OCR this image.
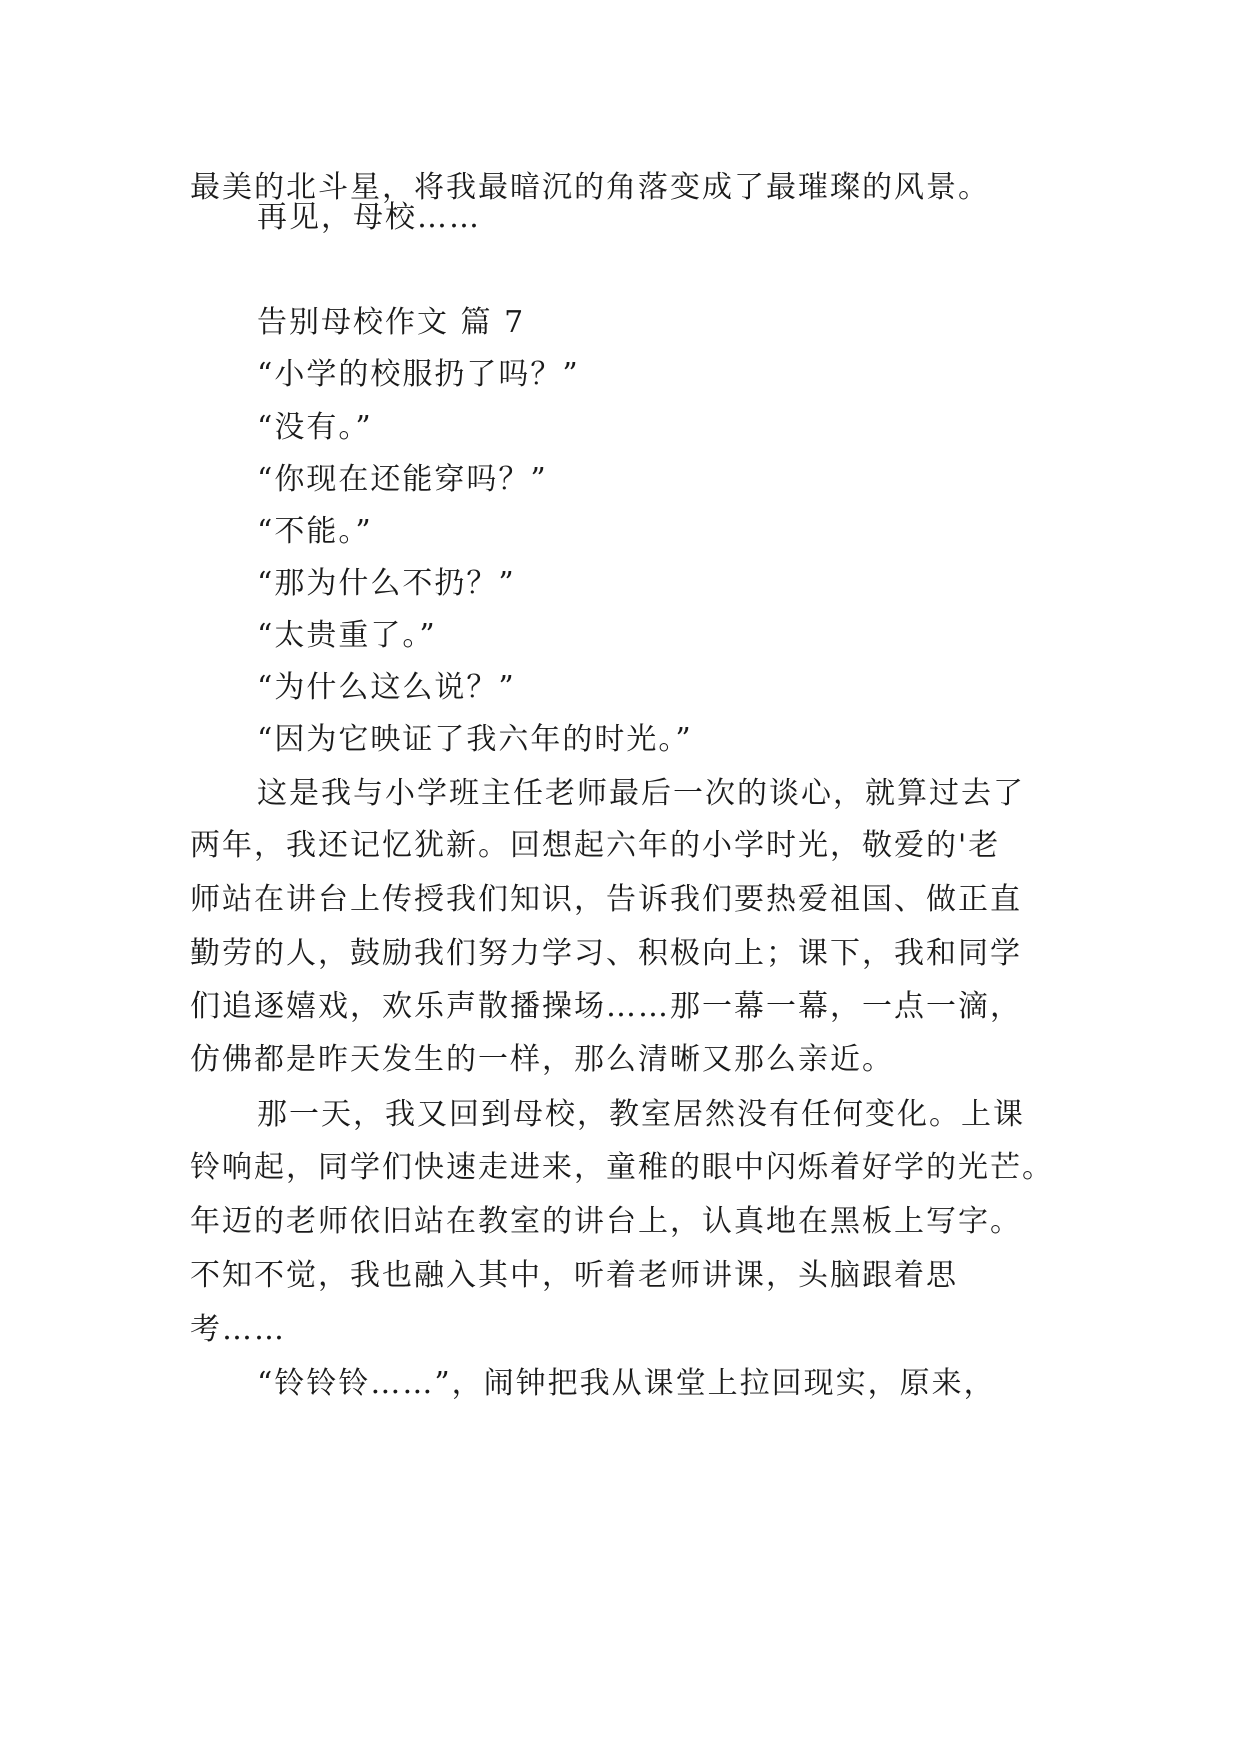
最美的北斗星，将我最暗沉的角落变成了最璀璨的风景。
再见，母校……
告别母校作文 篇 7
“小学的校服扔了吗？”
“没有。”
“你现在还能穿吗？”
“不能。”
“那为什么不扔？”
“太贵重了。”
“为什么这么说？”
“因为它映证了我六年的时光。”
这是我与小学班主任老师最后一次的谈心，就算过去了
两年，我还记忆犹新。回想起六年的小学时光，敬爱的'老
师站在讲台上传授我们知识，告诉我们要热爱祖国、做正直
勤劳的人，鼓励我们努力学习、积极向上；课下，我和同学
们追逐嬉戏，欢乐声散播操场……那一幕一幕，一点一滴，
仿佛都是昨天发生的一样，那么清晰又那么亲近。
那一天，我又回到母校，教室居然没有任何变化。上课
铃响起，同学们快速走进来，童稚的眼中闪烁着好学的光芒。
年迈的老师依旧站在教室的讲台上，认真地在黑板上写字。
不知不觉，我也融入其中，听着老师讲课，头脑跟着思
考……
“铃铃铃……”，闹钟把我从课堂上拉回现实，原来，
